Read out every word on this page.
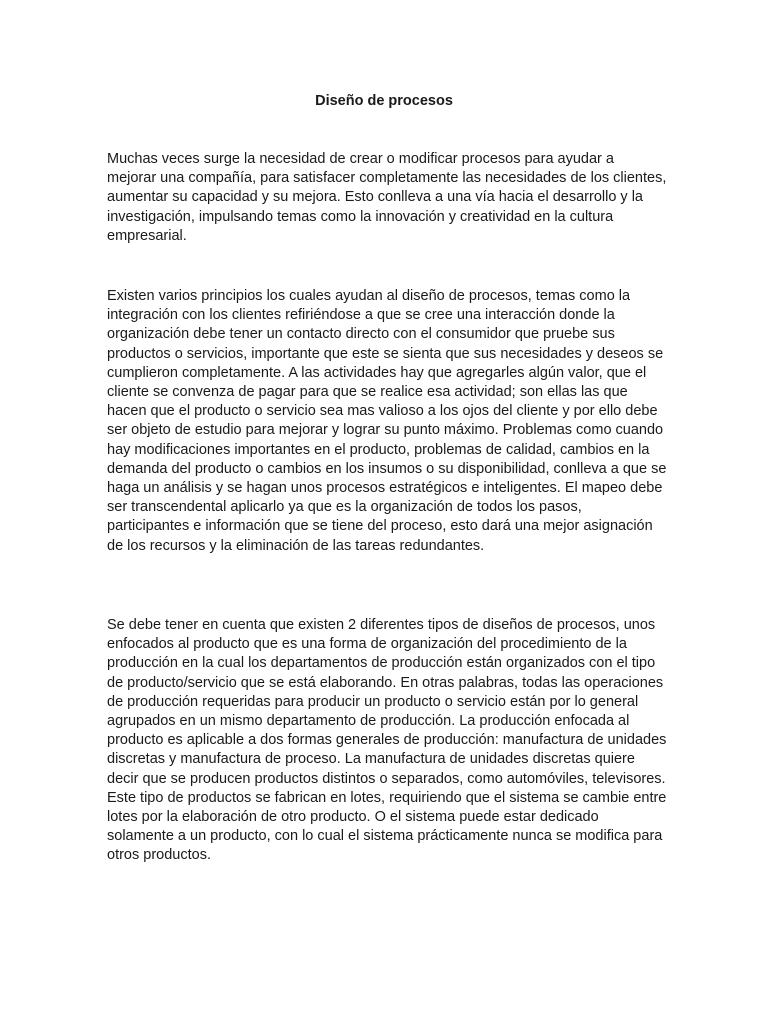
Diseño de procesos
Muchas veces surge la necesidad de crear o modificar procesos para ayudar a mejorar una compañía, para satisfacer completamente las necesidades de los clientes, aumentar su capacidad y su mejora. Esto conlleva a una vía hacia el desarrollo y la investigación, impulsando temas como la innovación y creatividad en la cultura empresarial.
Existen varios principios los cuales ayudan al diseño de procesos, temas como la integración con los clientes refiriéndose a que se cree una interacción donde la organización debe tener un contacto directo con el consumidor que pruebe sus productos o servicios, importante que este se sienta que sus necesidades y deseos se cumplieron completamente. A las actividades hay que agregarles algún valor, que el cliente se convenza de pagar para que se realice esa actividad; son ellas las que hacen que el producto o servicio sea mas valioso a los ojos del cliente y por ello debe ser objeto de estudio para mejorar y lograr su punto máximo. Problemas como cuando hay modificaciones importantes en el producto, problemas de calidad, cambios en la demanda del producto o cambios en los insumos o su disponibilidad, conlleva a que se haga un análisis y se hagan unos procesos estratégicos e inteligentes. El mapeo debe ser transcendental aplicarlo ya que es la organización de todos los pasos, participantes e información que se tiene del proceso, esto dará una mejor asignación de los recursos y la eliminación de las tareas redundantes.
Se debe tener en cuenta que existen 2 diferentes tipos de diseños de procesos, unos enfocados al producto que es una forma de organización del procedimiento de la producción en la cual los departamentos de producción están organizados con el tipo de producto/servicio que se está elaborando. En otras palabras, todas las operaciones de producción requeridas para producir un producto o servicio están por lo general agrupados en un mismo departamento de producción. La producción enfocada al producto es aplicable a dos formas generales de producción: manufactura de unidades discretas y manufactura de proceso. La manufactura de unidades discretas quiere decir que se producen productos distintos o separados, como automóviles, televisores. Este tipo de productos se fabrican en lotes, requiriendo que el sistema se cambie entre lotes por la elaboración de otro producto. O el sistema puede estar dedicado solamente a un producto, con lo cual el sistema prácticamente nunca se modifica para otros productos.
